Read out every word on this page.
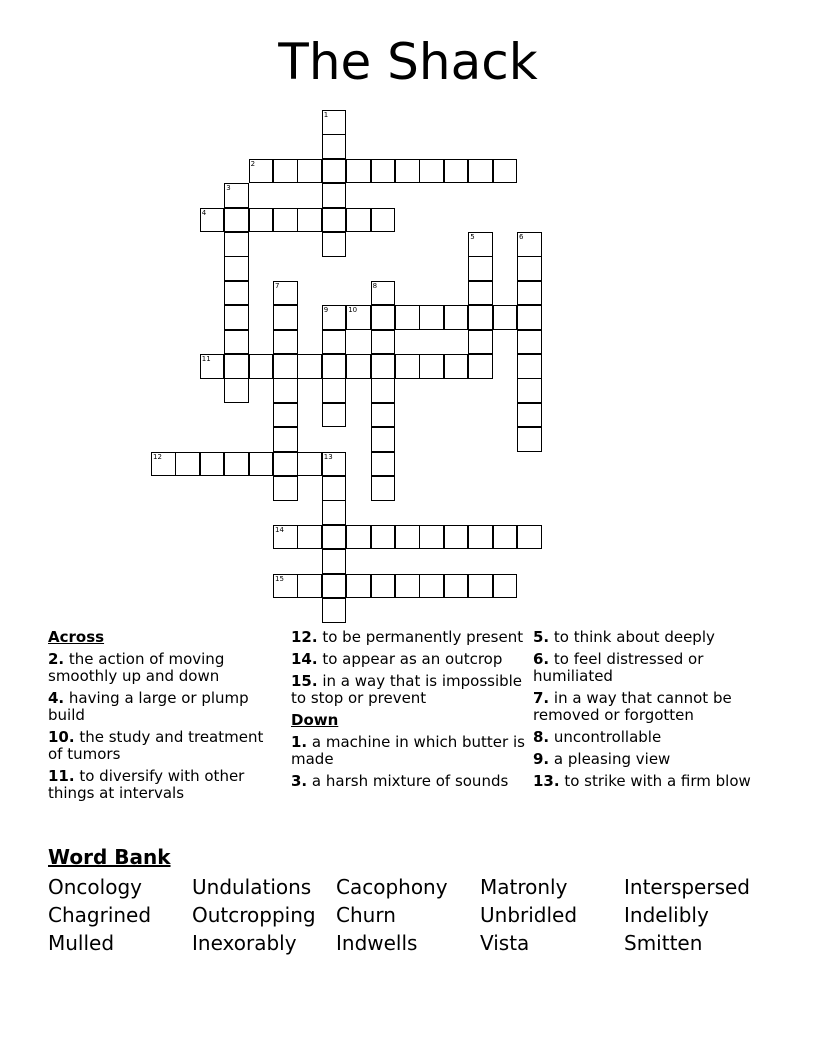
The Shack
1
2
3
4
5	6
7	8
9	10
11
12	13
14
15
Across
2. the action of moving smoothly up and down
4. having a large or plump build
10. the study and treatment of tumors
11. to diversify with other things at intervals
12. to be permanently present
14. to appear as an outcrop
15. in a way that is impossible to stop or prevent
Down
1. a machine in which butter is made
3. a harsh mixture of sounds
5. to think about deeply
6. to feel distressed or humiliated
7. in a way that cannot be removed or forgotten
8. uncontrollable
9. a pleasing view
13. to strike with a firm blow
Word Bank
Oncology	Undulations	Cacophony	Matronly	Interspersed
Chagrined	Outcropping	Churn	Unbridled	Indelibly
Mulled	Inexorably	Indwells	Vista	Smitten
